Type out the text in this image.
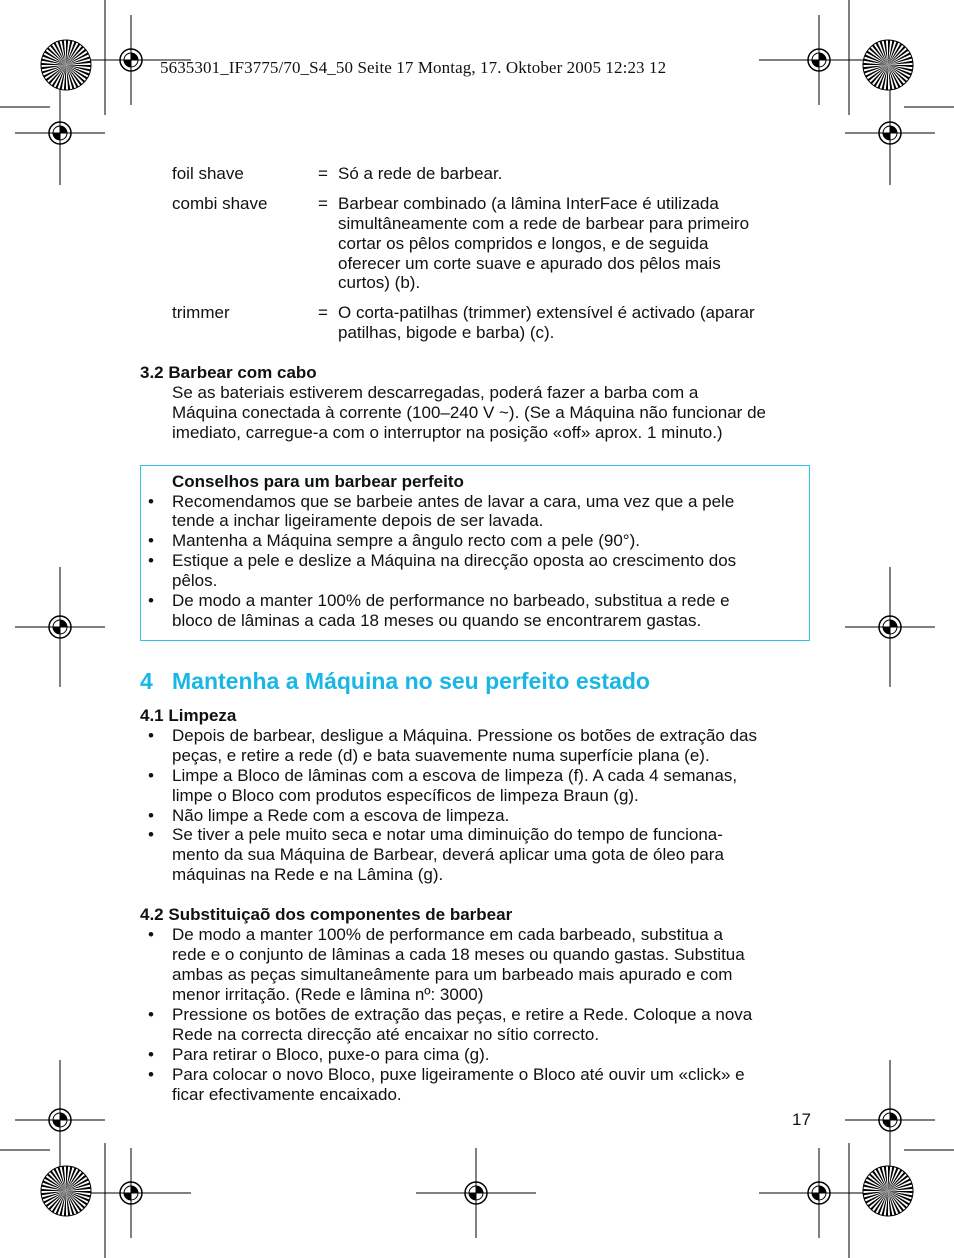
5635301_IF3775/70_S4_50 Seite 17 Montag, 17. Oktober 2005 12:23 12
foil shave	= Só a rede de barbear.
combi shave	= Barbear combinado (a lâmina InterFace é utilizada
simultâneamente com a rede de barbear para primeiro
cortar os pêlos compridos e longos, e de seguida
oferecer um corte suave e apurado dos pêlos mais
curtos) (b).
trimmer	= O corta-patilhas (trimmer) extensível é activado (aparar
patilhas, bigode e barba) (c).
3.2 Barbear com cabo
Se as bateriais estiverem descarregadas, poderá fazer a barba com a
Máquina conectada à corrente (100–240 V ~). (Se a Máquina não funcionar de
imediato, carregue-a com o interruptor na posição «off» aprox. 1 minuto.)
Conselhos para um barbear perfeito
• Recomendamos que se barbeie antes de lavar a cara, uma vez que a pele
tende a inchar ligeiramente depois de ser lavada.
• Mantenha a Máquina sempre a ângulo recto com a pele (90°).
• Estique a pele e deslize a Máquina na direcção oposta ao crescimento dos
pêlos.
• De modo a manter 100% de performance no barbeado, substitua a rede e
bloco de lâminas a cada 18 meses ou quando se encontrarem gastas.
4 Mantenha a Máquina no seu perfeito estado
4.1 Limpeza
• Depois de barbear, desligue a Máquina. Pressione os botões de extração das
peças, e retire a rede (d) e bata suavemente numa superfície plana (e).
• Limpe a Bloco de lâminas com a escova de limpeza (f). A cada 4 semanas,
limpe o Bloco com produtos específicos de limpeza Braun (g).
• Não limpe a Rede com a escova de limpeza.
• Se tiver a pele muito seca e notar uma diminuição do tempo de funciona-
mento da sua Máquina de Barbear, deverá aplicar uma gota de óleo para
máquinas na Rede e na Lâmina (g).
4.2 Substituiçaõ dos componentes de barbear
• De modo a manter 100% de performance em cada barbeado, substitua a
rede e o conjunto de lâminas a cada 18 meses ou quando gastas. Substitua
ambas as peças simultaneâmente para um barbeado mais apurado e com
menor irritação. (Rede e lâmina nº: 3000)
• Pressione os botões de extração das peças, e retire a Rede. Coloque a nova
Rede na correcta direcção até encaixar no sítio correcto.
• Para retirar o Bloco, puxe-o para cima (g).
• Para colocar o novo Bloco, puxe ligeiramente o Bloco até ouvir um «click» e
ficar efectivamente encaixado.
17
